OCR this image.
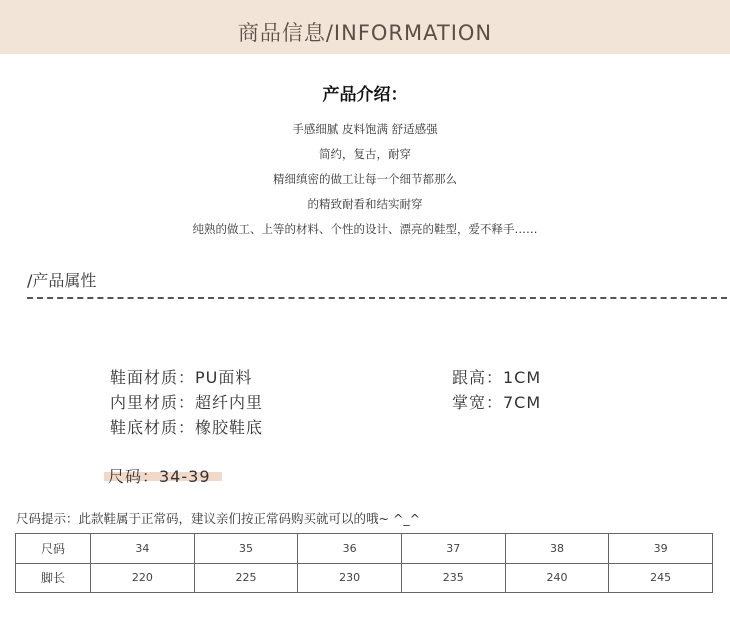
商品信息/INFORMATION
产品介绍：
手感细腻 皮料饱满 舒适感强
简约，复古，耐穿
精细缜密的做工让每一个细节都那么
的精致耐看和结实耐穿
纯熟的做工、上等的材料、个性的设计、漂亮的鞋型，爱不释手……
/产品属性
鞋面材质：PU面料
内里材质：超纤内里
鞋底材质：橡胶鞋底
跟高：1CM
掌宽：7CM
尺码：34-39
尺码提示：此款鞋属于正常码，建议亲们按正常码购买就可以的哦~ ^_^
尺码	34	35	36	37	38	39
脚长	220	225	230	235	240	245
